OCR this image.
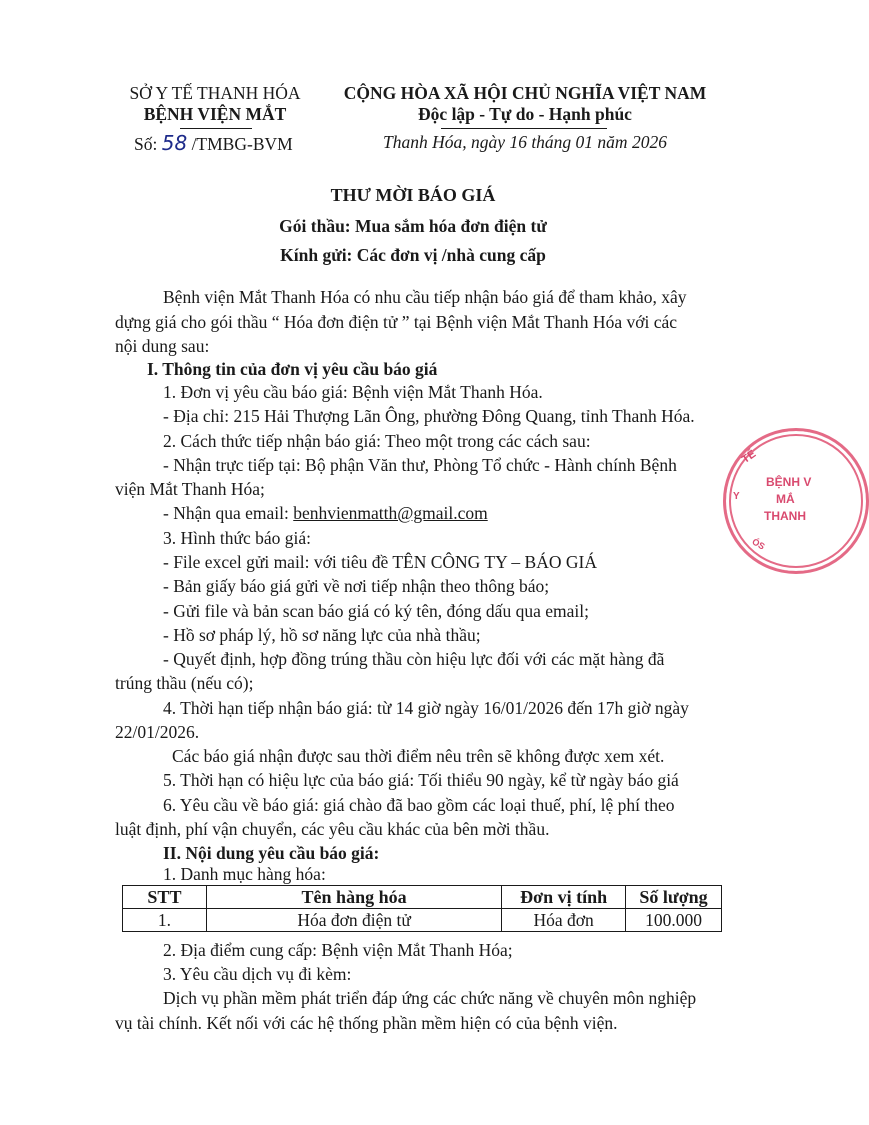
SỞ Y TẾ THANH HÓA
BỆNH VIỆN MẮT
Số: 58 /TMBG-BVM
CỘNG HÒA XÃ HỘI CHỦ NGHĨA VIỆT NAM
Độc lập - Tự do - Hạnh phúc
Thanh Hóa, ngày 16 tháng 01 năm 2026
THƯ MỜI BÁO GIÁ
Gói thầu: Mua sắm hóa đơn điện tử
Kính gửi: Các đơn vị /nhà cung cấp
Bệnh viện Mắt Thanh Hóa có nhu cầu tiếp nhận báo giá để tham khảo, xây
dựng giá cho gói thầu “ Hóa đơn điện tử ” tại Bệnh viện Mắt Thanh Hóa với các
nội dung sau:
I. Thông tin của đơn vị yêu cầu báo giá
1. Đơn vị yêu cầu báo giá: Bệnh viện Mắt Thanh Hóa.
- Địa chỉ: 215 Hải Thượng Lãn Ông, phường Đông Quang, tỉnh Thanh Hóa.
2. Cách thức tiếp nhận báo giá: Theo một trong các cách sau:
- Nhận trực tiếp tại: Bộ phận Văn thư, Phòng Tổ chức - Hành chính Bệnh
viện Mắt Thanh Hóa;
- Nhận qua email: benhvienmatth@gmail.com
3. Hình thức báo giá:
- File excel gửi mail: với tiêu đề TÊN CÔNG TY – BÁO GIÁ
- Bản giấy báo giá gửi về nơi tiếp nhận theo thông báo;
- Gửi file và bản scan báo giá có ký tên, đóng dấu qua email;
- Hồ sơ pháp lý, hồ sơ năng lực của nhà thầu;
- Quyết định, hợp đồng trúng thầu còn hiệu lực đối với các mặt hàng đã
trúng thầu (nếu có);
4. Thời hạn tiếp nhận báo giá: từ 14 giờ ngày 16/01/2026 đến 17h giờ ngày
22/01/2026.
Các báo giá nhận được sau thời điểm nêu trên sẽ không được xem xét.
5. Thời hạn có hiệu lực của báo giá: Tối thiểu 90 ngày, kể từ ngày báo giá
6. Yêu cầu về báo giá: giá chào đã bao gồm các loại thuế, phí, lệ phí theo
luật định, phí vận chuyển, các yêu cầu khác của bên mời thầu.
II. Nội dung yêu cầu báo giá:
1. Danh mục hàng hóa:
STT	Tên hàng hóa	Đơn vị tính	Số lượng
1.	Hóa đơn điện tử	Hóa đơn	100.000
2. Địa điểm cung cấp: Bệnh viện Mắt Thanh Hóa;
3. Yêu cầu dịch vụ đi kèm:
Dịch vụ phần mềm phát triển đáp ứng các chức năng về chuyên môn nghiệp
vụ tài chính. Kết nối với các hệ thống phần mềm hiện có của bệnh viện.
TẾ
Y
BỆNH V
MẮ
THANH
ÓS
